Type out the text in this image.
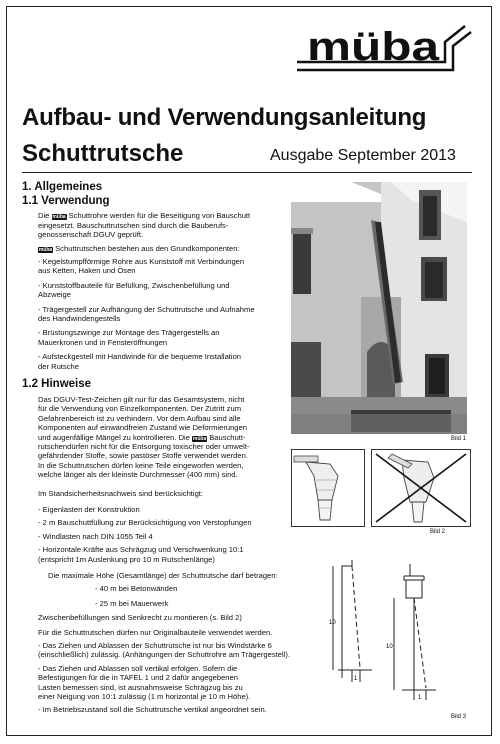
müba
Aufbau- und Verwendungsanleitung
Schuttrutsche	Ausgabe September 2013
1. Allgemeines
1.1 Verwendung
Die müba Schuttrohre werden für die Beseitigung von Bauschutt
eingesetzt. Bauschuttrutschen sind durch die Bauberufs-
genossenschaft DGUV geprüft.
müba Schuttrutschen bestehen aus den Grundkomponenten:
- Kegelstumpfförmige Rohre aus Kunststoff mit Verbindungen
aus Ketten, Haken und Ösen
- Kunststoffbauteile für Befüllung, Zwischenbefüllung und
Abzweige
- Trägergestell zur Aufhängung der Schuttrutsche und Aufnahme
des Handwindengestells
- Brüstungszwinge zur Montage des Trägergestells an
Mauerkronen und in Fensteröffnungen
- Aufsteckgestell mit Handwinde für die bequeme Installation
der Rutsche
1.2 Hinweise
Das DGUV-Test-Zeichen gilt nur für das Gesamtsystem, nicht
für die Verwendung von Einzelkomponenten. Der Zutritt zum
Gefahrenbereich ist zu verhindern. Vor dem Aufbau sind alle
Komponenten auf einwandfreien Zustand wie Deformierungen
und augenfällige Mängel zu kontrollieren. Die müba Bauschutt-
rutschendürfen nicht für die Entsorgung toxischer oder umwelt-
gefährdender Stoffe, sowie pastöser Stoffe verwendet werden.
In die Schuttrutschen dürfen keine Teile eingeworfen werden,
welche länger als der kleinste Durchmesser (400 mm) sind.
Im Standsicherheitsnachweis sind berücksichtigt:
- Eigenlasten der Konstruktion
- 2 m Bauschuttfüllung zur Berücksichtigung von Verstopfungen
- Windlasten nach DIN 1055 Teil 4
- Horizontale Kräfte aus Schrägzug und Verschwenkung 10:1
(entspricht 1m Auslenkung pro 10 m Rutschenlänge)
Die maximale Höhe (Gesamtlänge) der Schuttrutsche darf betragen:
- 40 m bei Betonwänden
- 25 m bei Mauerwerk
Zwischenbefüllungen sind Senkrecht zu montieren (s. Bild 2)
Für die Schuttrutschen dürfen nur Originalbauteile verwendet werden.
- Das Ziehen und Ablassen der Schuttrutsche ist nur bis Windstärke 6
(einschließlich) zulässig. (Anhängungen der Schuttrohre am Trägergestell).
- Das Ziehen und Ablassen soll vertikal erfolgen. Sofern die
Befestigungen für die in TAFEL 1 und 2 dafür angegebenen
Lasten bemessen sind, ist ausnahmsweise Schrägzug bis zu
einer Neigung von 10:1 zulässig (1 m horizontal je 10 m Höhe).
- Im Betriebszustand soll die Schuttrutsche vertikal angeordnet sein.
Bild 1
Bild 2
10
1
10
1
Bild 3
